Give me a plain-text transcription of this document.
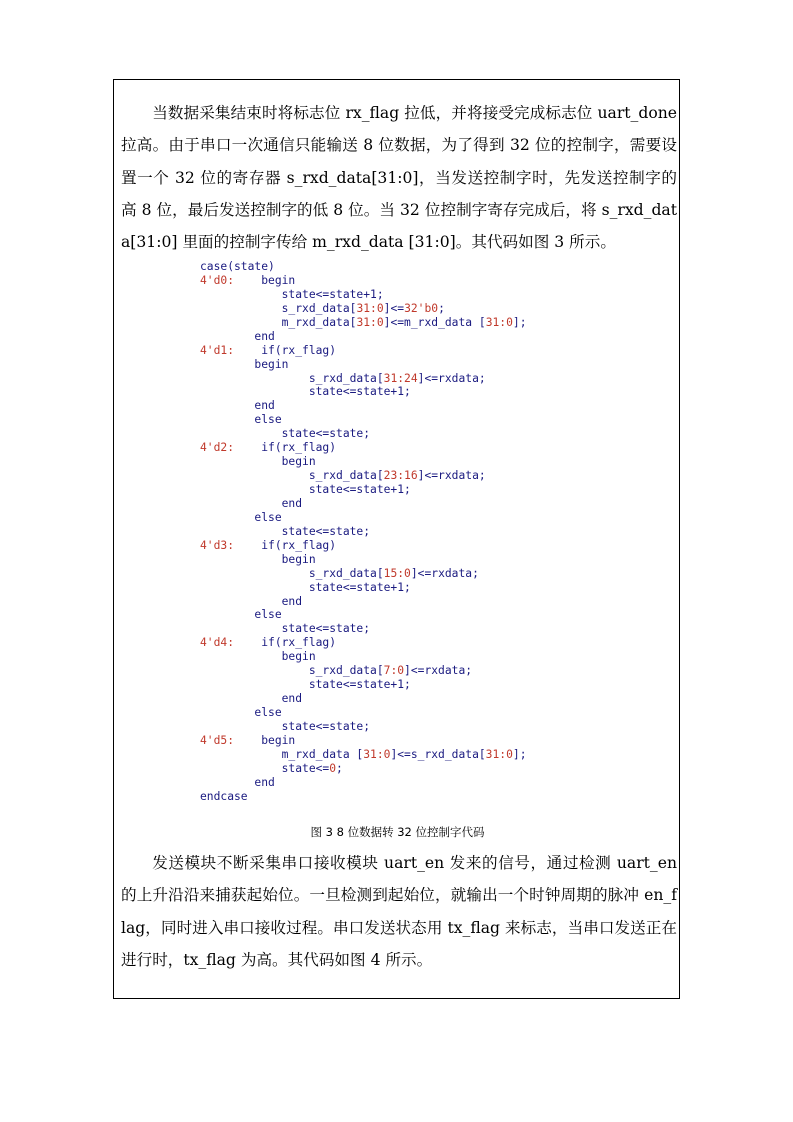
当数据采集结束时将标志位 rx_flag 拉低，并将接受完成标志位 uart_done 拉高。由于串口一次通信只能输送 8 位数据，为了得到 32 位的控制字，需要设置一个 32 位的寄存器 s_rxd_data[31:0]，当发送控制字时，先发送控制字的高 8 位，最后发送控制字的低 8 位。当 32 位控制字寄存完成后，将 s_rxd_data[31:0] 里面的控制字传给 m_rxd_data [31:0]。其代码如图 3 所示。

case(state)
4'd0:    begin
state<=state+1;
s_rxd_data[31:0]<=32'b0;
m_rxd_data[31:0]<=m_rxd_data [31:0];
end
4'd1:    if(rx_flag)
begin
s_rxd_data[31:24]<=rxdata;
state<=state+1;
end
else
state<=state;
4'd2:    if(rx_flag)
begin
s_rxd_data[23:16]<=rxdata;
state<=state+1;
end
else
state<=state;
4'd3:    if(rx_flag)
begin
s_rxd_data[15:0]<=rxdata;
state<=state+1;
end
else
state<=state;
4'd4:    if(rx_flag)
begin
s_rxd_data[7:0]<=rxdata;
state<=state+1;
end
else
state<=state;
4'd5:    begin
m_rxd_data [31:0]<=s_rxd_data[31:0];
state<=0;
end
endcase

图 3 8 位数据转 32 位控制字代码

发送模块不断采集串口接收模块 uart_en 发来的信号，通过检测 uart_en 的上升沿沿来捕获起始位。一旦检测到起始位，就输出一个时钟周期的脉冲 en_flag，同时进入串口接收过程。串口发送状态用 tx_flag 来标志，当串口发送正在进行时，tx_flag 为高。其代码如图 4 所示。
